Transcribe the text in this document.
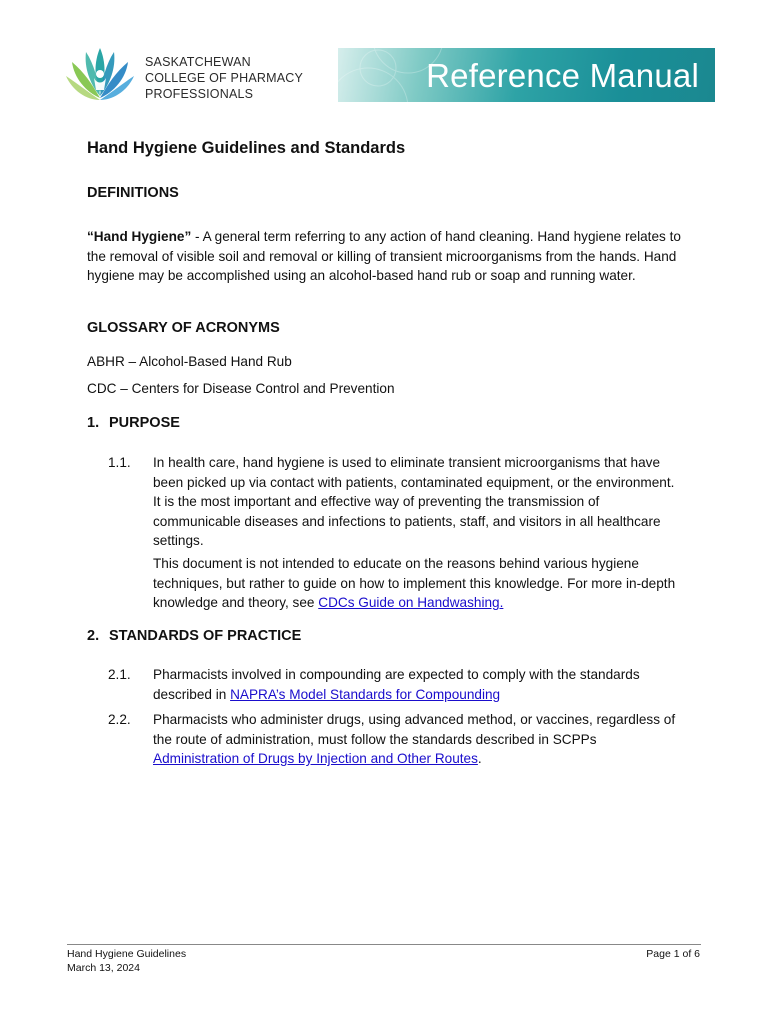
SASKATCHEWAN
COLLEGE OF PHARMACY
PROFESSIONALS	Reference Manual
Hand Hygiene Guidelines and Standards
DEFINITIONS
“Hand Hygiene” - A general term referring to any action of hand cleaning. Hand hygiene relates to the removal of visible soil and removal or killing of transient microorganisms from the hands. Hand hygiene may be accomplished using an alcohol-based hand rub or soap and running water.
GLOSSARY OF ACRONYMS
ABHR – Alcohol-Based Hand Rub
CDC – Centers for Disease Control and Prevention
1. PURPOSE
1.1. In health care, hand hygiene is used to eliminate transient microorganisms that have been picked up via contact with patients, contaminated equipment, or the environment. It is the most important and effective way of preventing the transmission of communicable diseases and infections to patients, staff, and visitors in all healthcare settings.
This document is not intended to educate on the reasons behind various hygiene techniques, but rather to guide on how to implement this knowledge. For more in-depth knowledge and theory, see CDCs Guide on Handwashing.
2. STANDARDS OF PRACTICE
2.1. Pharmacists involved in compounding are expected to comply with the standards described in NAPRA’s Model Standards for Compounding
2.2. Pharmacists who administer drugs, using advanced method, or vaccines, regardless of the route of administration, must follow the standards described in SCPPs Administration of Drugs by Injection and Other Routes.
Hand Hygiene Guidelines
March 13, 2024
Page 1 of 6
